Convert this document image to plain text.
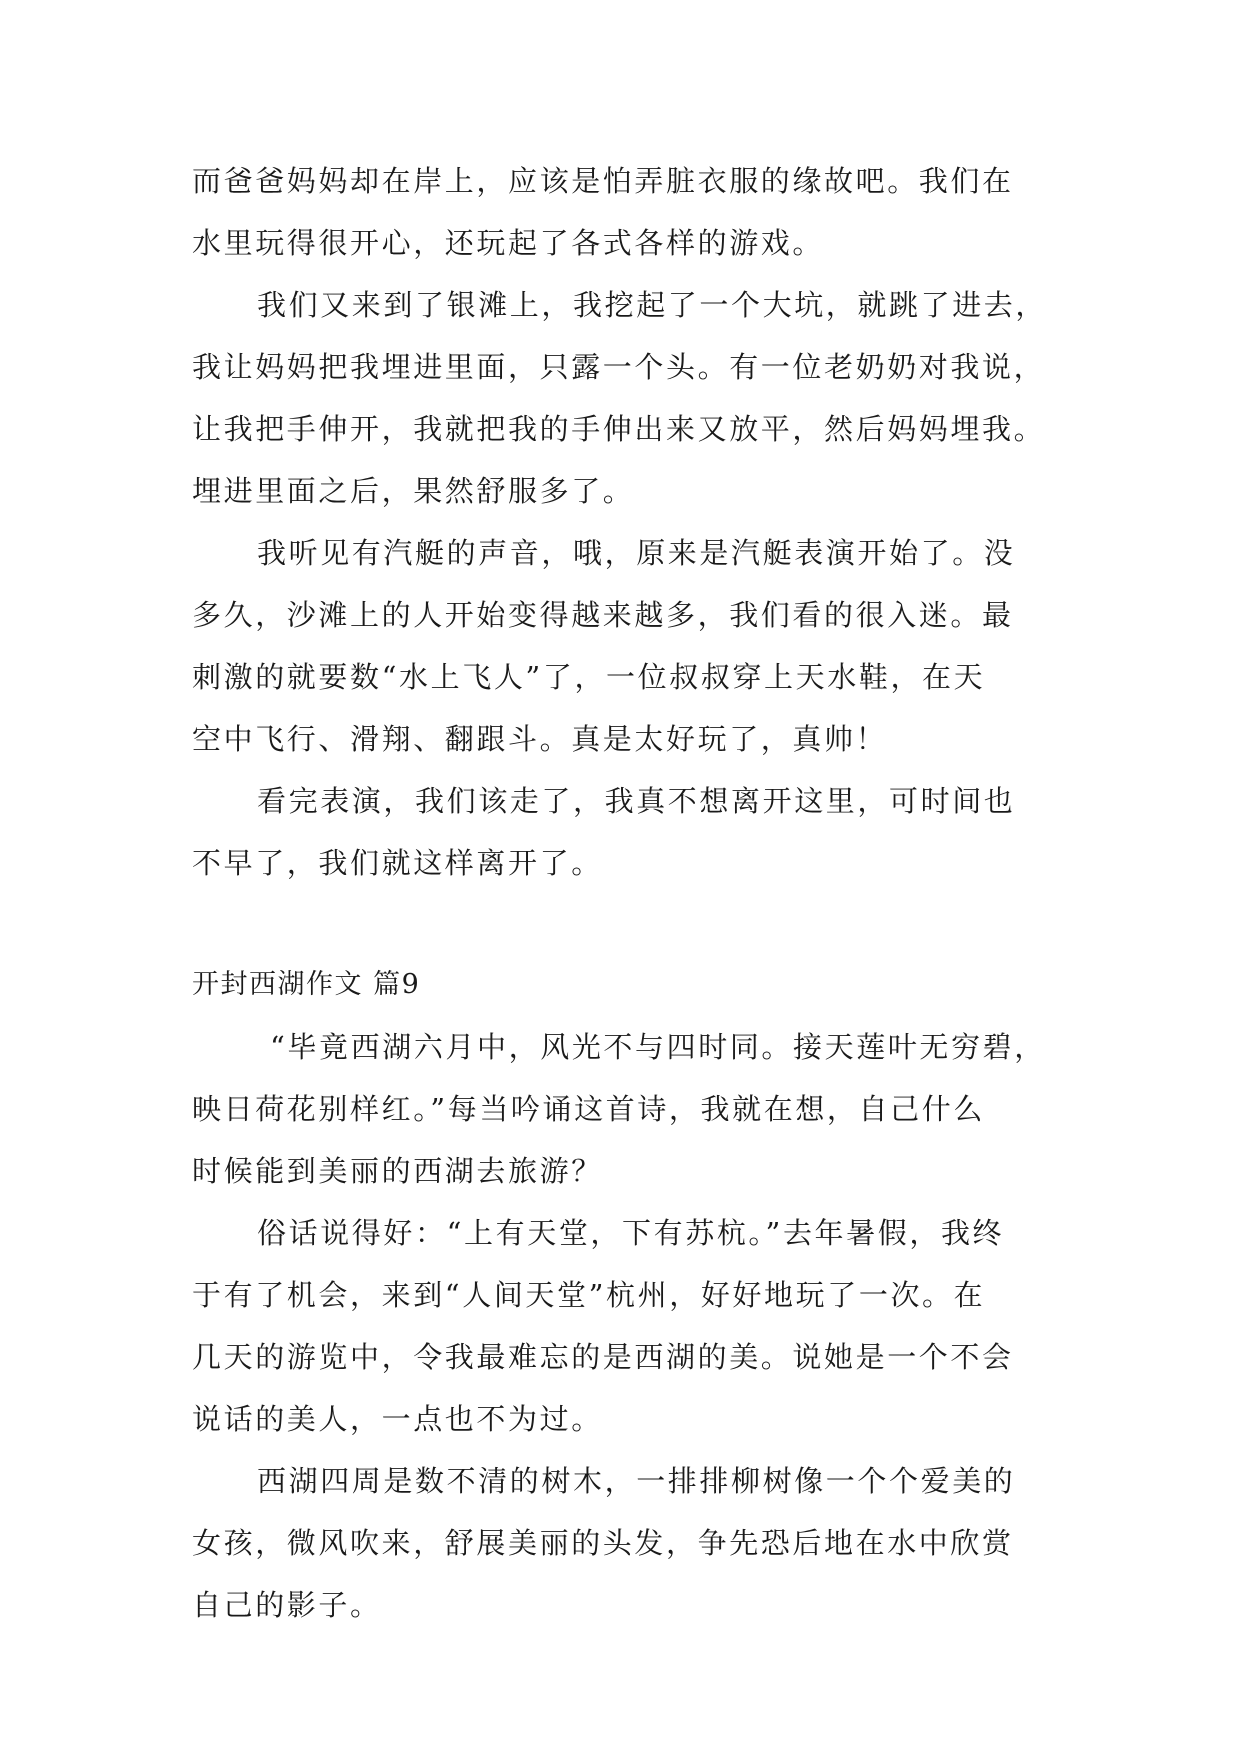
而爸爸妈妈却在岸上，应该是怕弄脏衣服的缘故吧。我们在
水里玩得很开心，还玩起了各式各样的游戏。
我们又来到了银滩上，我挖起了一个大坑，就跳了进去，
我让妈妈把我埋进里面，只露一个头。有一位老奶奶对我说，
让我把手伸开，我就把我的手伸出来又放平，然后妈妈埋我。
埋进里面之后，果然舒服多了。
我听见有汽艇的声音，哦，原来是汽艇表演开始了。没
多久，沙滩上的人开始变得越来越多，我们看的很入迷。最
刺激的就要数“水上飞人”了，一位叔叔穿上天水鞋，在天
空中飞行、滑翔、翻跟斗。真是太好玩了，真帅！
看完表演，我们该走了，我真不想离开这里，可时间也
不早了，我们就这样离开了。
开封西湖作文 篇9
“毕竟西湖六月中，风光不与四时同。接天莲叶无穷碧，
映日荷花别样红。”每当吟诵这首诗，我就在想，自己什么
时候能到美丽的西湖去旅游？
俗话说得好：“上有天堂，下有苏杭。”去年暑假，我终
于有了机会，来到“人间天堂”杭州，好好地玩了一次。在
几天的游览中，令我最难忘的是西湖的美。说她是一个不会
说话的美人，一点也不为过。
西湖四周是数不清的树木，一排排柳树像一个个爱美的
女孩，微风吹来，舒展美丽的头发，争先恐后地在水中欣赏
自己的影子。
